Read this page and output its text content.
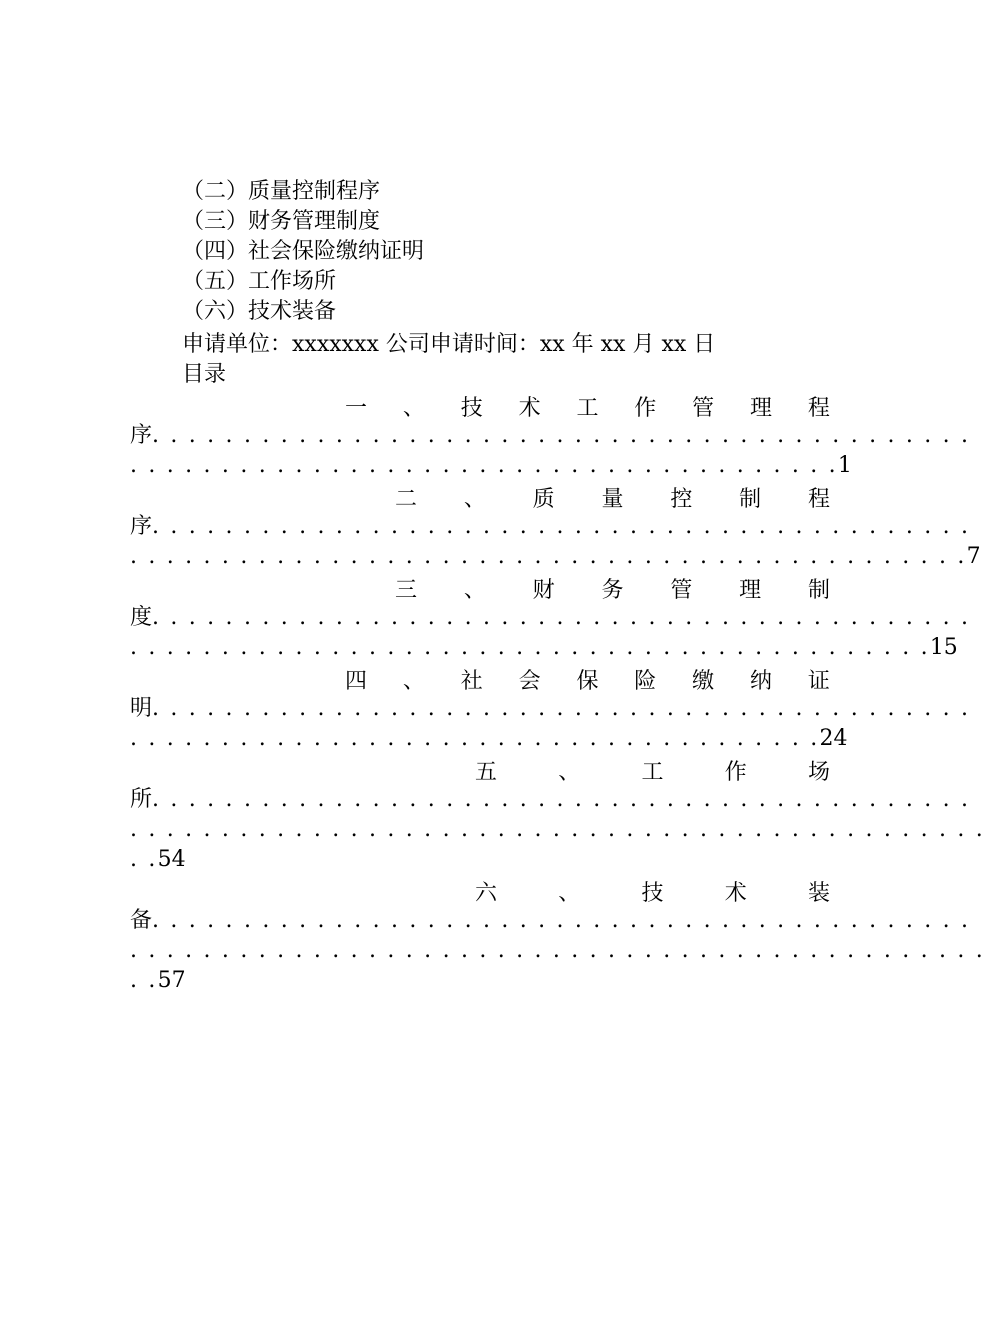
（二）质量控制程序
（三）财务管理制度
（四）社会保险缴纳证明
（五）工作场所
（六）技术装备
申请单位：xxxxxxx 公司申请时间：xx 年 xx 月 xx 日
目录
一 、 技 术 工 作 管 理 程
序. . . . . . . . . . . . . . . . . . . . . . . . . . . . . . . . . . . . . . . . . . . . .
. . . . . . . . . . . . . . . . . . . . . . . . . . . . . . . . . . . . . . .1
二 、 质 量 控 制 程
序. . . . . . . . . . . . . . . . . . . . . . . . . . . . . . . . . . . . . . . . . . . . .
. . . . . . . . . . . . . . . . . . . . . . . . . . . . . . . . . . . . . . . . . . . . . .7
三 、 财 务 管 理 制
度. . . . . . . . . . . . . . . . . . . . . . . . . . . . . . . . . . . . . . . . . . . . .
. . . . . . . . . . . . . . . . . . . . . . . . . . . . . . . . . . . . . . . . . . . .15
四 、 社 会 保 险 缴 纳 证
明. . . . . . . . . . . . . . . . . . . . . . . . . . . . . . . . . . . . . . . . . . . . .
. . . . . . . . . . . . . . . . . . . . . . . . . . . . . . . . . . . . . .24
五	、	工	作	场
所. . . . . . . . . . . . . . . . . . . . . . . . . . . . . . . . . . . . . . . . . . . . .
. . . . . . . . . . . . . . . . . . . . . . . . . . . . . . . . . . . . . . . . . . . . . . .
. .54
六	、	技	术	装
备. . . . . . . . . . . . . . . . . . . . . . . . . . . . . . . . . . . . . . . . . . . . .
. . . . . . . . . . . . . . . . . . . . . . . . . . . . . . . . . . . . . . . . . . . . . . .
. .57
